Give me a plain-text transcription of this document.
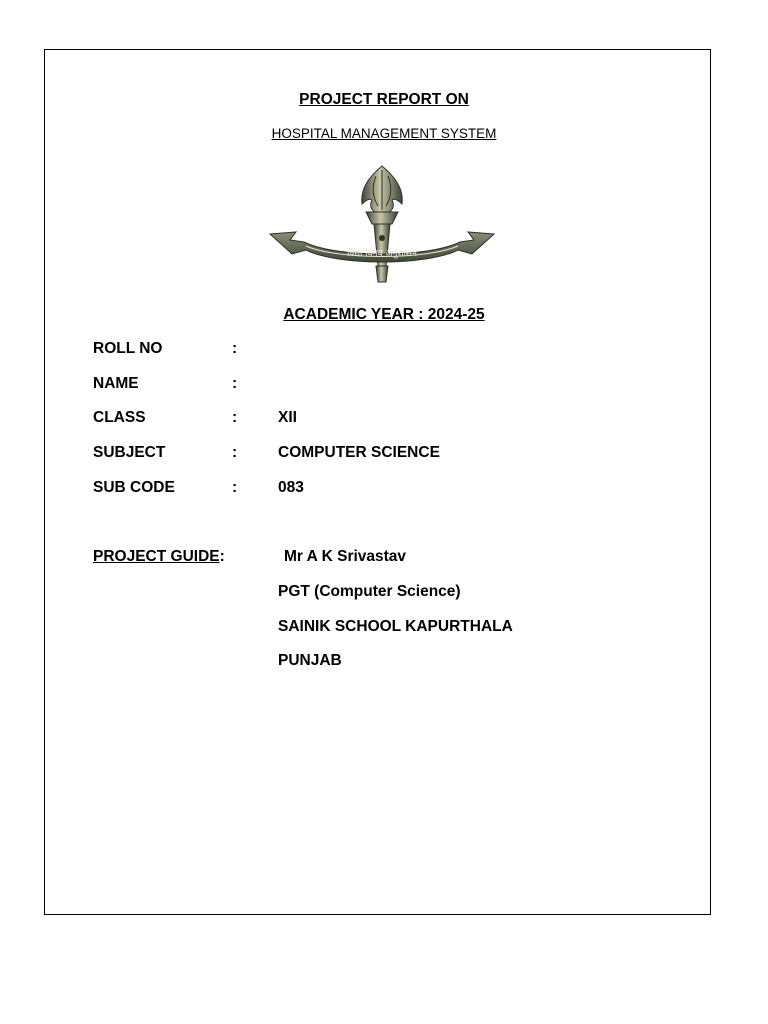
PROJECT REPORT ON
HOSPITAL MANAGEMENT SYSTEM
विद्या विनय अनुशासन
ACADEMIC YEAR : 2024-25
ROLL NO	:
NAME	:
CLASS	:	XII
SUBJECT	:	COMPUTER SCIENCE
SUB CODE	:	083
PROJECT GUIDE:	Mr A K Srivastav
PGT (Computer Science)
SAINIK SCHOOL KAPURTHALA
PUNJAB
